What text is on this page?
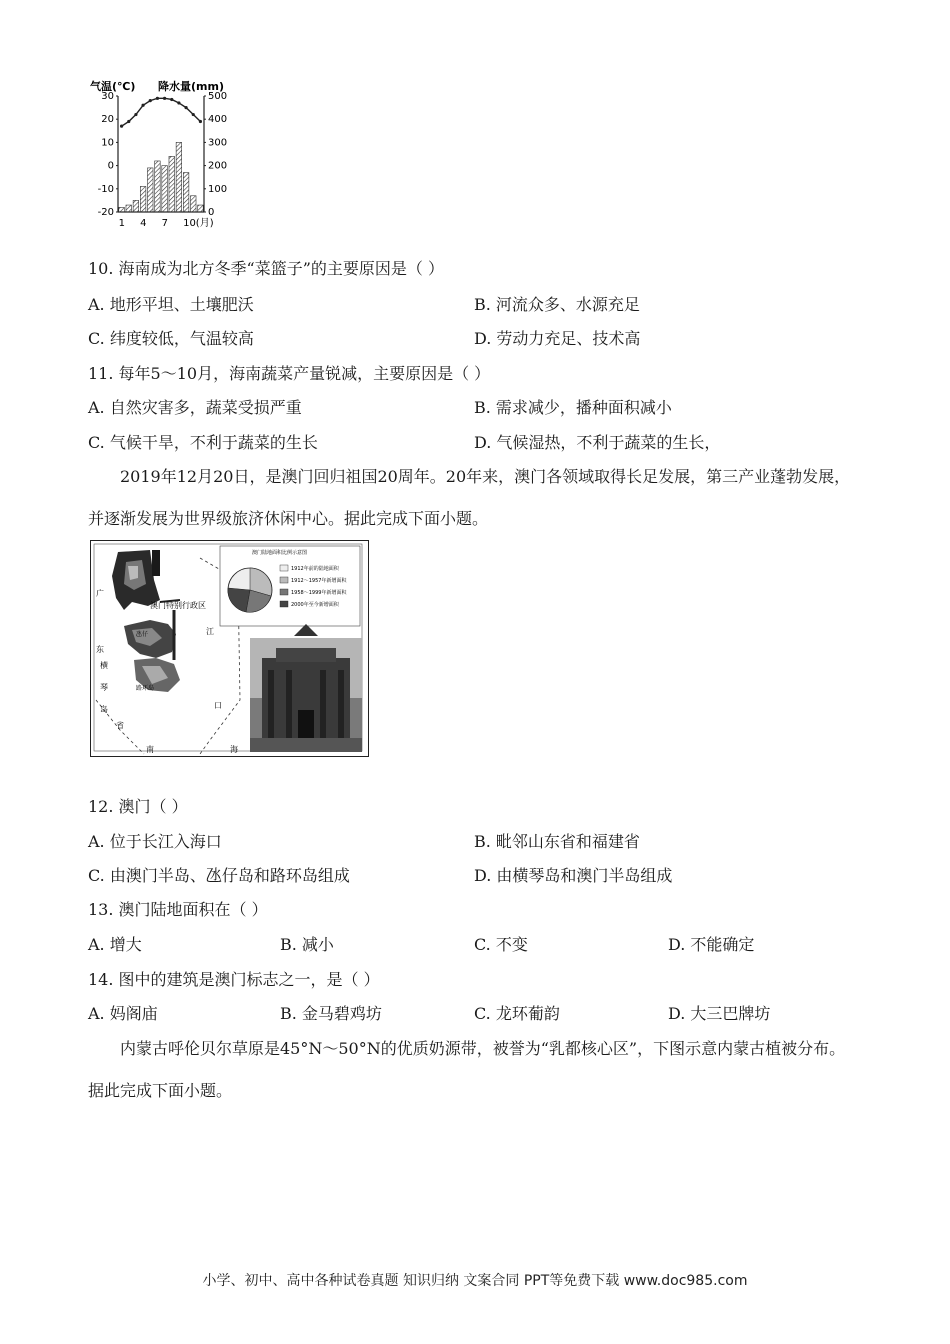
气温(℃) 降水量(mm)
30
20
10
0
-10
-20
500
400
300
200
100
0
1 4 7 10(月)
10. 海南成为北方冬季“菜篮子”的主要原因是（ ）
A. 地形平坦、土壤肥沃	B. 河流众多、水源充足
C. 纬度较低，气温较高	D. 劳动力充足、技术高
11. 每年5～10月，海南蔬菜产量锐减，主要原因是（ ）
A. 自然灾害多，蔬菜受损严重	B. 需求减少，播种面积减小
C. 气候干旱，不利于蔬菜的生长	D. 气候湿热，不利于蔬菜的生长，
2019年12月20日，是澳门回归祖国20周年。20年来，澳门各领域取得长足发展，第三产业蓬勃发展，并逐渐发展为世界级旅济休闲中心。据此完成下面小题。
广
东
江
口
南	海
澳门特别行政区
横
琴
岛
省
路环岛
氹仔
澳门陆地面积比例示意图
1912年前的陆地面积
1912～1957年新增面积
1958～1999年新增面积
2000年至今新增面积
12. 澳门（ ）
A. 位于长江入海口	B. 毗邻山东省和福建省
C. 由澳门半岛、氹仔岛和路环岛组成	D. 由横琴岛和澳门半岛组成
13. 澳门陆地面积在（ ）
A. 增大	B. 减小	C. 不变	D. 不能确定
14. 图中的建筑是澳门标志之一，是（ ）
A. 妈阁庙	B. 金马碧鸡坊	C. 龙环葡韵	D. 大三巴牌坊
内蒙古呼伦贝尔草原是45°N～50°N的优质奶源带，被誉为“乳都核心区”，下图示意内蒙古植被分布。据此完成下面小题。
小学、初中、高中各种试卷真题 知识归纳 文案合同 PPT等免费下载 www.doc985.com
